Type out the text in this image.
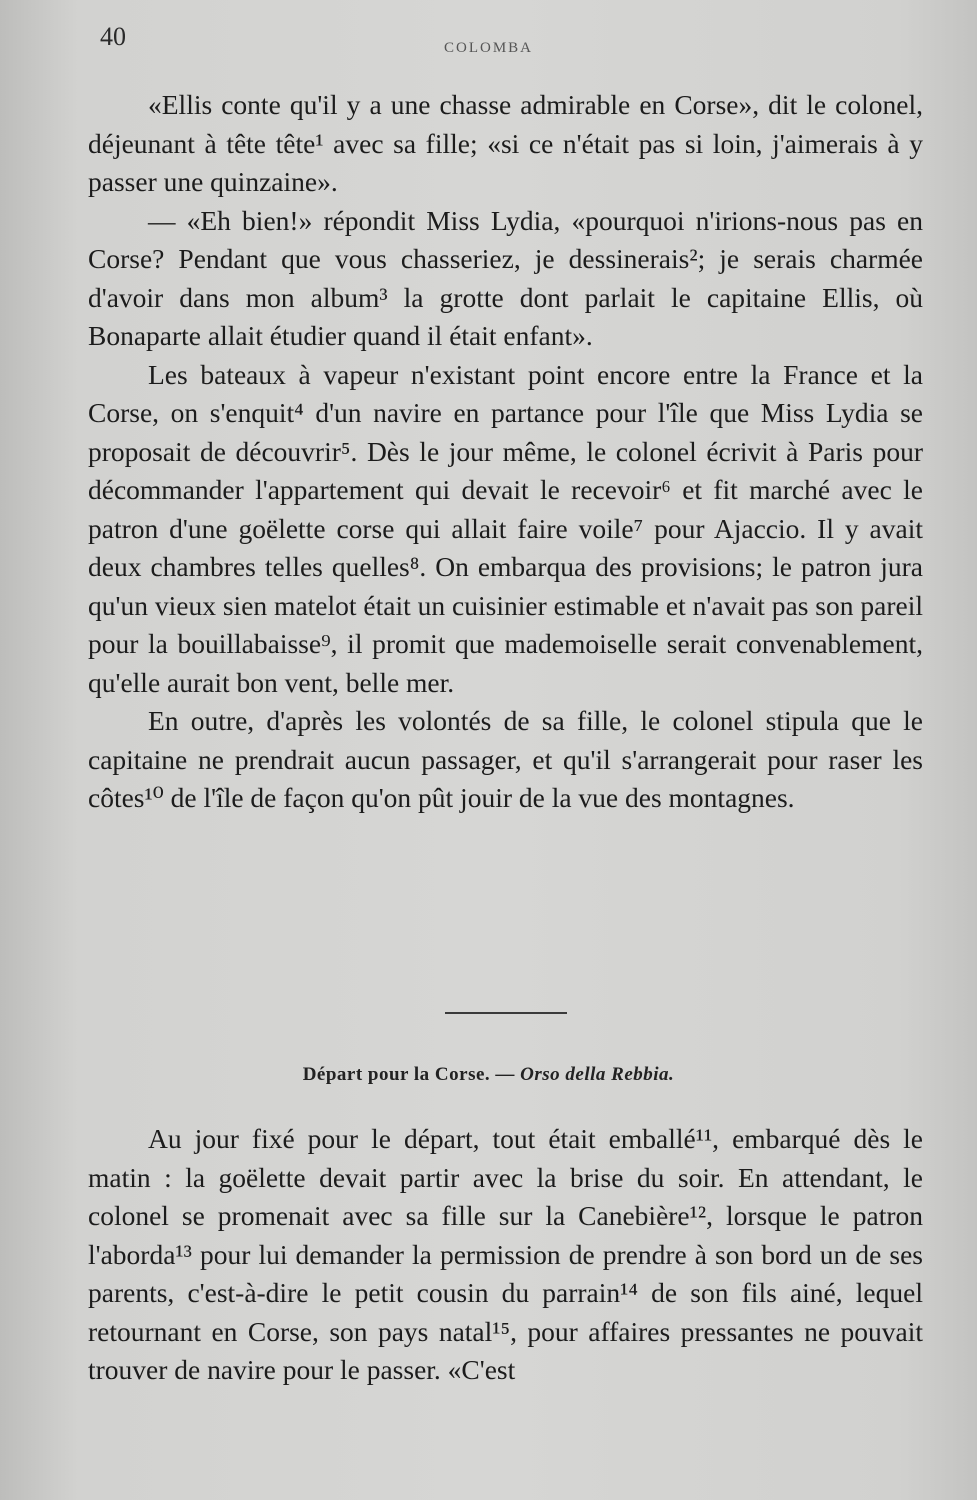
40	COLOMBA

«Ellis conte qu'il y a une chasse admirable en Corse», dit le colonel, déjeunant à tête tête¹ avec sa fille; «si ce n'était pas si loin, j'aimerais à y passer une quinzaine».

— «Eh bien!» répondit Miss Lydia, «pourquoi n'irions-nous pas en Corse? Pendant que vous chasseriez, je dessinerais²; je serais charmée d'avoir dans mon album³ la grotte dont parlait le capitaine Ellis, où Bonaparte allait étudier quand il était enfant».

Les bateaux à vapeur n'existant point encore entre la France et la Corse, on s'enquit⁴ d'un navire en partance pour l'île que Miss Lydia se proposait de découvrir⁵. Dès le jour même, le colonel écrivit à Paris pour décommander l'appartement qui devait le recevoir⁶ et fit marché avec le patron d'une goëlette corse qui allait faire voile⁷ pour Ajaccio. Il y avait deux chambres telles quelles⁸. On embarqua des provisions; le patron jura qu'un vieux sien matelot était un cuisinier estimable et n'avait pas son pareil pour la bouillabaisse⁹, il promit que mademoiselle serait convenablement, qu'elle aurait bon vent, belle mer.

En outre, d'après les volontés de sa fille, le colonel stipula que le capitaine ne prendrait aucun passager, et qu'il s'arrangerait pour raser les côtes¹⁰ de l'île de façon qu'on pût jouir de la vue des montagnes.

Départ pour la Corse. — Orso della Rebbia.

Au jour fixé pour le départ, tout était emballé¹¹, embarqué dès le matin : la goëlette devait partir avec la brise du soir. En attendant, le colonel se promenait avec sa fille sur la Canebière¹², lorsque le patron l'aborda¹³ pour lui demander la permission de prendre à son bord un de ses parents, c'est-à-dire le petit cousin du parrain¹⁴ de son fils ainé, lequel retournant en Corse, son pays natal¹⁵, pour affaires pressantes ne pouvait trouver de navire pour le passer. «C'est
